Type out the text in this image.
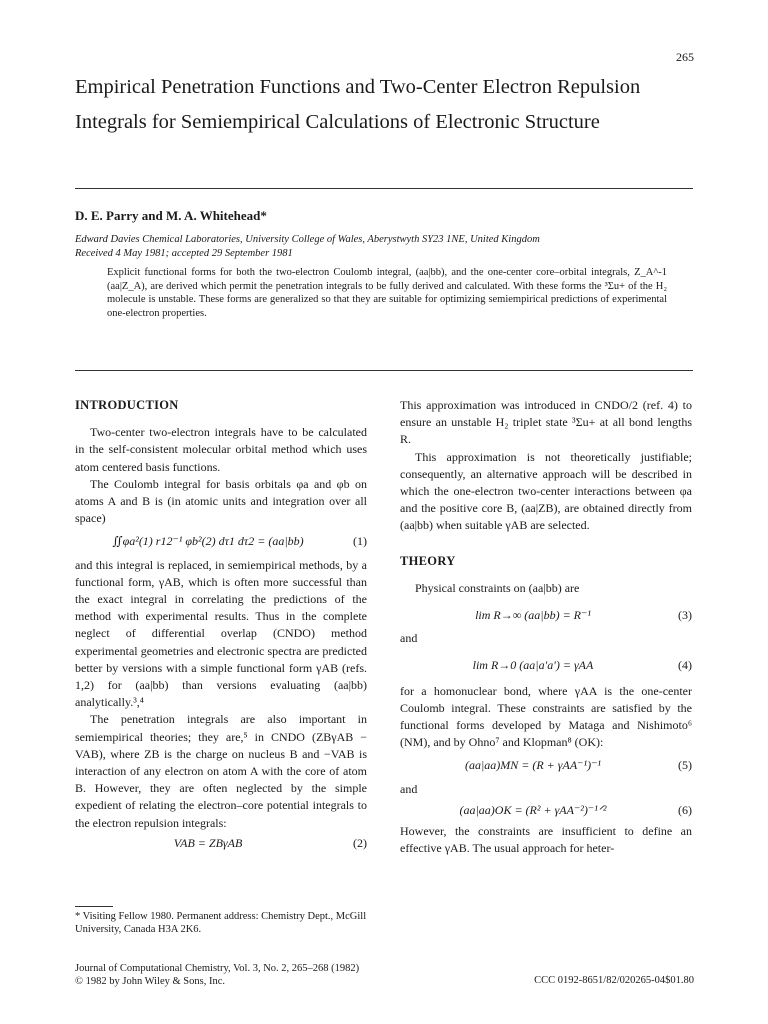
265
Empirical Penetration Functions and Two-Center Electron Repulsion Integrals for Semiempirical Calculations of Electronic Structure
D. E. Parry and M. A. Whitehead*
Edward Davies Chemical Laboratories, University College of Wales, Aberystwyth SY23 1NE, United Kingdom
Received 4 May 1981; accepted 29 September 1981
Explicit functional forms for both the two-electron Coulomb integral, (aa|bb), and the one-center core–orbital integrals, Z_A^-1 (aa|Z_A), are derived which permit the penetration integrals to be fully derived and calculated. With these forms the ³Σu+ of the H₂ molecule is unstable. These forms are generalized so that they are suitable for optimizing semiempirical predictions of experimental one-electron properties.

INTRODUCTION

Two-center two-electron integrals have to be calculated in the self-consistent molecular orbital method which uses atom centered basis functions.

The Coulomb integral for basis orbitals φa and φb on atoms A and B is (in atomic units and integration over all space)

∬φa²(1) r12⁻¹ φb²(2) dτ1 dτ2 = (aa|bb)	(1)

and this integral is replaced, in semiempirical methods, by a functional form, γAB, which is often more successful than the exact integral in correlating the predictions of the method with experimental results. Thus in the complete neglect of differential overlap (CNDO) method experimental geometries and electronic spectra are predicted better by versions with a simple functional form γAB (refs. 1,2) for (aa|bb) than versions evaluating (aa|bb) analytically.³,⁴

The penetration integrals are also important in semiempirical theories; they are,⁵ in CNDO (ZBγAB − VAB), where ZB is the charge on nucleus B and −VAB is interaction of any electron on atom A with the core of atom B. However, they are often neglected by the simple expedient of relating the electron–core potential integrals to the electron repulsion integrals:

VAB = ZBγAB	(2)

This approximation was introduced in CNDO/2 (ref. 4) to ensure an unstable H₂ triplet state ³Σu+ at all bond lengths R.

This approximation is not theoretically justifiable; consequently, an alternative approach will be described in which the one-electron two-center interactions between φa and the positive core B, (aa|ZB), are obtained directly from (aa|bb) when suitable γAB are selected.

THEORY

Physical constraints on (aa|bb) are

lim R→∞ (aa|bb) = R⁻¹	(3)

and

lim R→0 (aa|a′a′) = γAA	(4)

for a homonuclear bond, where γAA is the one-center Coulomb integral. These constraints are satisfied by the functional forms developed by Mataga and Nishimoto⁶ (NM), and by Ohno⁷ and Klopman⁸ (OK):

(aa|aa)MN = (R + γAA⁻¹)⁻¹	(5)

and

(aa|aa)OK = (R² + γAA⁻²)⁻¹ᐟ²	(6)

However, the constraints are insufficient to define an effective γAB. The usual approach for heter-

* Visiting Fellow 1980. Permanent address: Chemistry Dept., McGill University, Canada H3A 2K6.
Journal of Computational Chemistry, Vol. 3, No. 2, 265–268 (1982)
© 1982 by John Wiley & Sons, Inc.	CCC 0192-8651/82/020265-04$01.80
